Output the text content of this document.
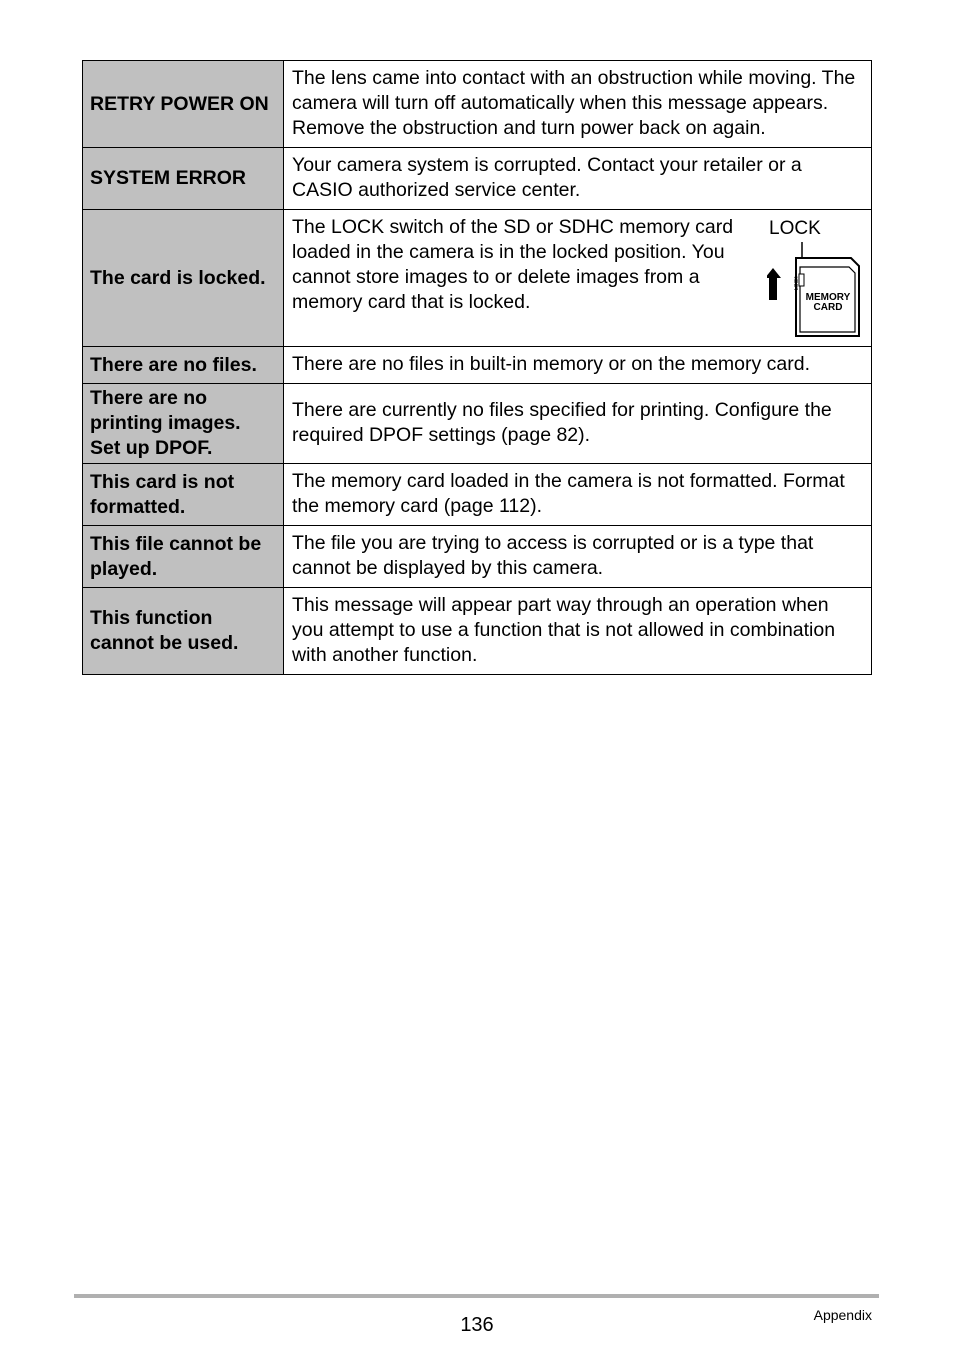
RETRY POWER ON	The lens came into contact with an obstruction while moving. The camera will turn off automatically when this message appears. Remove the obstruction and turn power back on again.
SYSTEM ERROR	Your camera system is corrupted. Contact your retailer or a CASIO authorized service center.
The card is locked.	The LOCK switch of the SD or SDHC memory card loaded in the camera is in the locked position. You cannot store images to or delete images from a memory card that is locked.
LOCK
MEMORY
CARD
LOCK

There are no files.	There are no files in built-in memory or on the memory card.
There are no printing images. Set up DPOF.	There are currently no files specified for printing. Configure the required DPOF settings (page 82).
This card is not formatted.	The memory card loaded in the camera is not formatted. Format the memory card (page 112).
This file cannot be played.	The file you are trying to access is corrupted or is a type that cannot be displayed by this camera.
This function cannot be used.	This message will appear part way through an operation when you attempt to use a function that is not allowed in combination with another function.
136	Appendix
